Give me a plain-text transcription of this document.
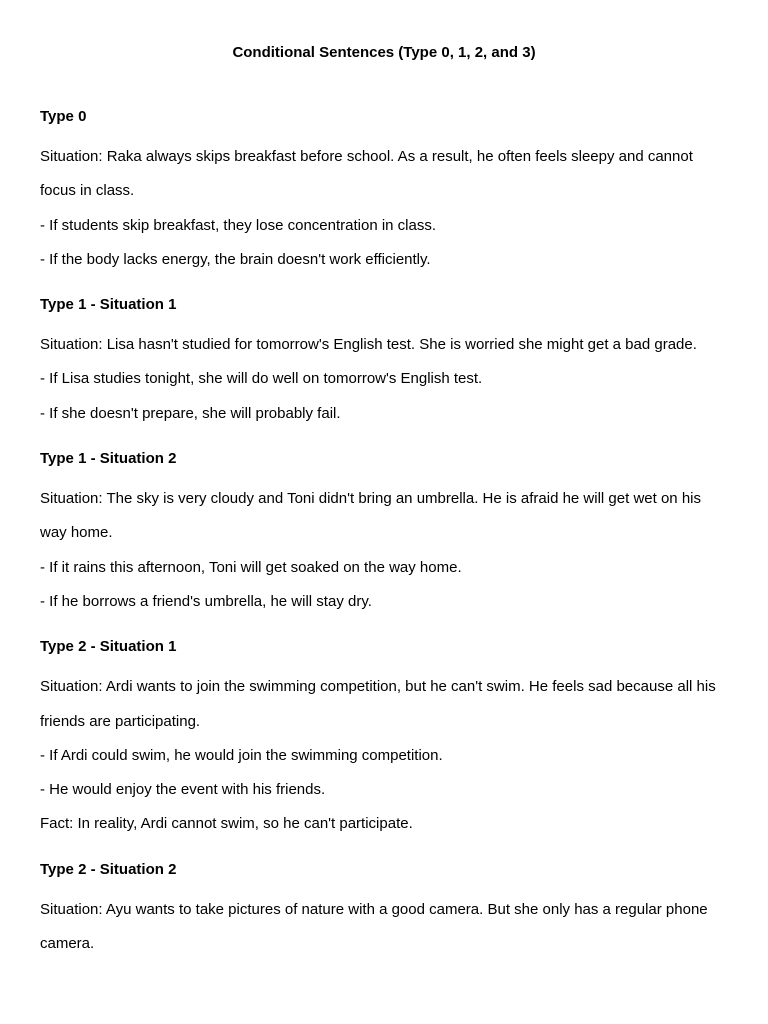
Conditional Sentences (Type 0, 1, 2, and 3)
Type 0

Situation: Raka always skips breakfast before school. As a result, he often feels sleepy and cannot focus in class.

- If students skip breakfast, they lose concentration in class.

- If the body lacks energy, the brain doesn't work efficiently.

Type 1 - Situation 1

Situation: Lisa hasn't studied for tomorrow's English test. She is worried she might get a bad grade.

- If Lisa studies tonight, she will do well on tomorrow's English test.

- If she doesn't prepare, she will probably fail.

Type 1 - Situation 2

Situation: The sky is very cloudy and Toni didn't bring an umbrella. He is afraid he will get wet on his way home.

- If it rains this afternoon, Toni will get soaked on the way home.

- If he borrows a friend's umbrella, he will stay dry.

Type 2 - Situation 1

Situation: Ardi wants to join the swimming competition, but he can't swim. He feels sad because all his friends are participating.

- If Ardi could swim, he would join the swimming competition.

- He would enjoy the event with his friends.

Fact: In reality, Ardi cannot swim, so he can't participate.

Type 2 - Situation 2

Situation: Ayu wants to take pictures of nature with a good camera. But she only has a regular phone camera.
